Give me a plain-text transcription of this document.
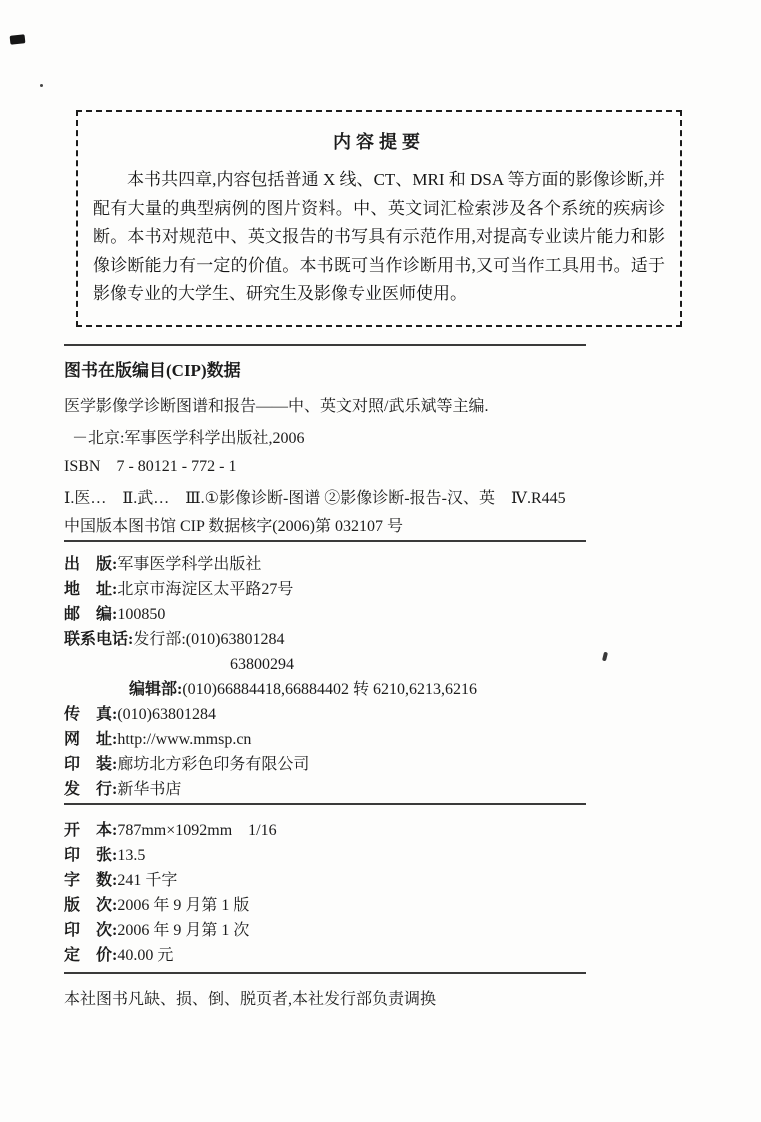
内容提要

本书共四章,内容包括普通 X 线、CT、MRI 和 DSA 等方面的影像诊断,并配有大量的典型病例的图片资料。中、英文词汇检索涉及各个系统的疾病诊断。本书对规范中、英文报告的书写具有示范作用,对提高专业读片能力和影像诊断能力有一定的价值。本书既可当作诊断用书,又可当作工具用书。适于影像专业的大学生、研究生及影像专业医师使用。

图书在版编目(CIP)数据

医学影像学诊断图谱和报告——中、英文对照/武乐斌等主编.

－北京:军事医学科学出版社,2006

ISBN　7 - 80121 - 772 - 1

Ⅰ.医…　Ⅱ.武…　Ⅲ.①影像诊断-图谱 ②影像诊断-报告-汉、英　Ⅳ.R445

中国版本图书馆 CIP 数据核字(2006)第 032107 号

出　版:军事医学科学出版社
地　址:北京市海淀区太平路27号
邮　编:100850
联系电话:发行部:(010)63801284
63800294
编辑部:(010)66884418,66884402 转 6210,6213,6216
传　真:(010)63801284
网　址:http://www.mmsp.cn
印　装:廊坊北方彩色印务有限公司
发　行:新华书店
开　本:787mm×1092mm　1/16
印　张:13.5
字　数:241 千字
版　次:2006 年 9 月第 1 版
印　次:2006 年 9 月第 1 次
定　价:40.00 元
本社图书凡缺、损、倒、脱页者,本社发行部负责调换
